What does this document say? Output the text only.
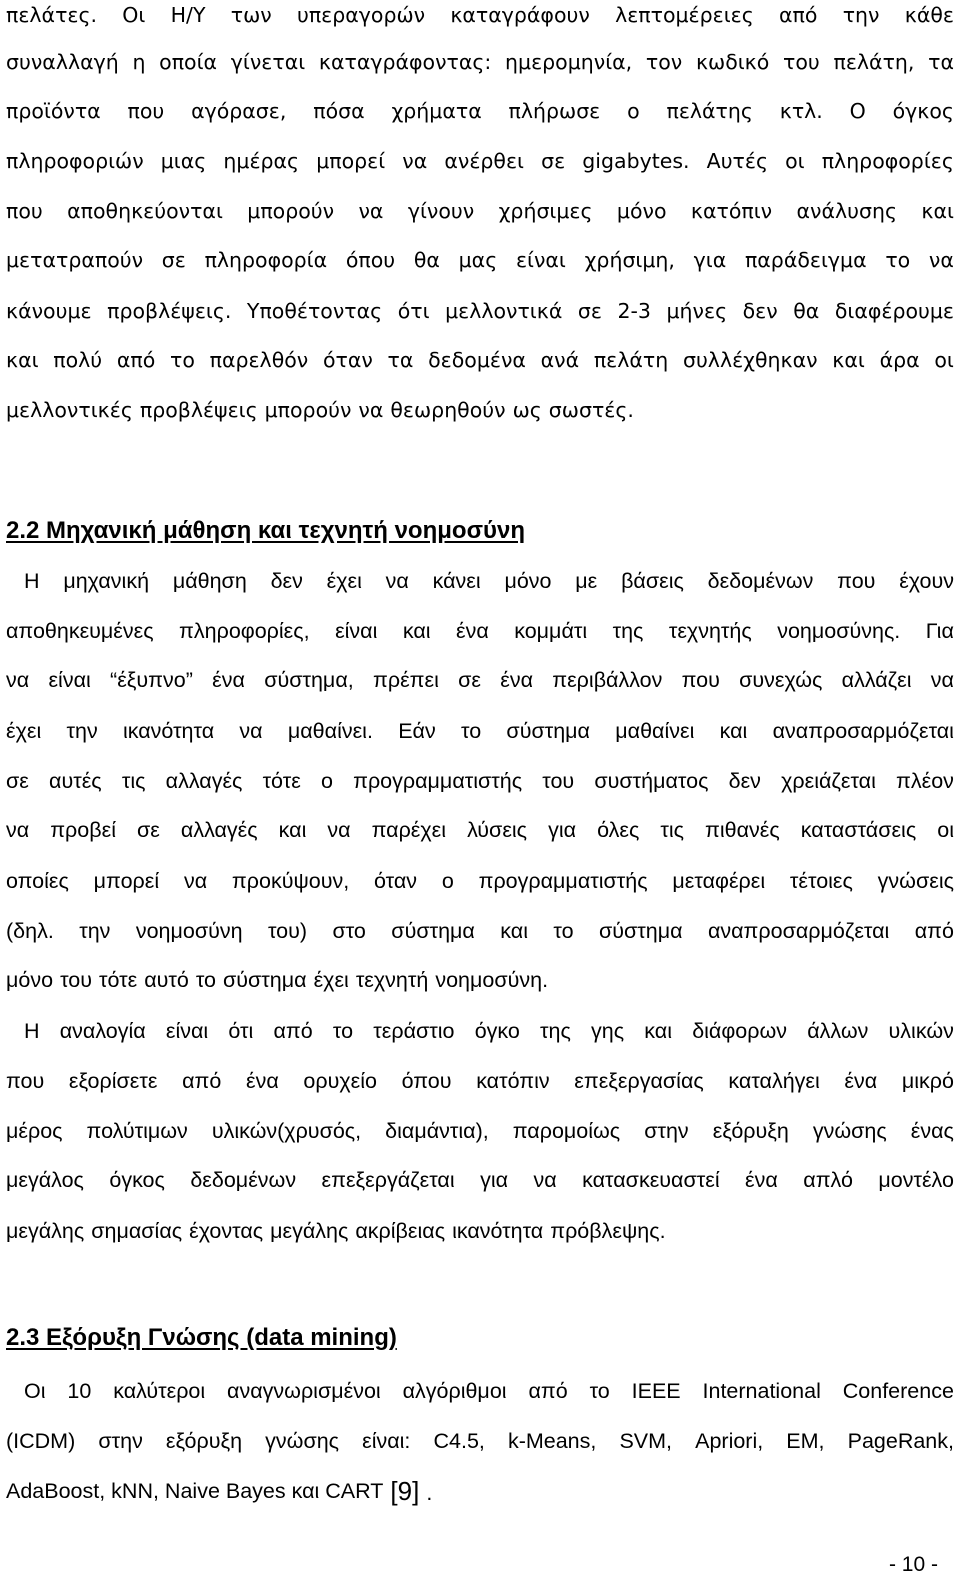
πελάτες. Οι Η/Υ των υπεραγορών καταγράφουν λεπτομέρειες από την κάθε
συναλλαγή η οποία γίνεται καταγράφοντας: ημερομηνία, τον κωδικό του πελάτη, τα
προϊόντα που αγόρασε, πόσα χρήματα πλήρωσε ο πελάτης κτλ. Ο όγκος
πληροφοριών μιας ημέρας μπορεί να ανέρθει σε gigabytes. Αυτές οι πληροφορίες
που αποθηκεύονται μπορούν να γίνουν χρήσιμες μόνο κατόπιν ανάλυσης και
μετατραπούν σε πληροφορία όπου θα μας είναι χρήσιμη, για παράδειγμα το να
κάνουμε προβλέψεις. Υποθέτοντας ότι μελλοντικά σε 2-3 μήνες δεν θα διαφέρουμε
και πολύ από το παρελθόν όταν τα δεδομένα ανά πελάτη συλλέχθηκαν και άρα οι
μελλοντικές προβλέψεις μπορούν να θεωρηθούν ως σωστές.
2.2 Μηχανική μάθηση και τεχνητή νοημοσύνη
Η μηχανική μάθηση δεν έχει να κάνει μόνο με βάσεις δεδομένων που έχουν
αποθηκευμένες πληροφορίες, είναι και ένα κομμάτι της τεχνητής νοημοσύνης. Για
να είναι “έξυπνο” ένα σύστημα, πρέπει σε ένα περιβάλλον που συνεχώς αλλάζει να
έχει την ικανότητα να μαθαίνει. Εάν το σύστημα μαθαίνει και αναπροσαρμόζεται
σε αυτές τις αλλαγές τότε ο προγραμματιστής του συστήματος δεν χρειάζεται πλέον
να προβεί σε αλλαγές και να παρέχει λύσεις για όλες τις πιθανές καταστάσεις οι
οποίες μπορεί να προκύψουν, όταν ο προγραμματιστής μεταφέρει τέτοιες γνώσεις
(δηλ. την νοημοσύνη του) στο σύστημα και το σύστημα αναπροσαρμόζεται από
μόνο του τότε αυτό το σύστημα έχει τεχνητή νοημοσύνη.
Η αναλογία είναι ότι από το τεράστιο όγκο της γης και διάφορων άλλων υλικών
που εξορίσετε από ένα ορυχείο όπου κατόπιν επεξεργασίας καταλήγει ένα μικρό
μέρος πολύτιμων υλικών(χρυσός, διαμάντια), παρομοίως στην εξόρυξη γνώσης ένας
μεγάλος όγκος δεδομένων επεξεργάζεται για να κατασκευαστεί ένα απλό μοντέλο
μεγάλης σημασίας έχοντας μεγάλης ακρίβειας ικανότητα πρόβλεψης.
2.3 Εξόρυξη Γνώσης (data mining)
Οι 10 καλύτεροι αναγνωρισμένοι αλγόριθμοι από το IEEE International Conference
(ICDM) στην εξόρυξη γνώσης είναι: C4.5, k-Means, SVM, Apriori, EM, PageRank,
AdaBoost, kNN, Naive Bayes και CART [9] .
- 10 -
